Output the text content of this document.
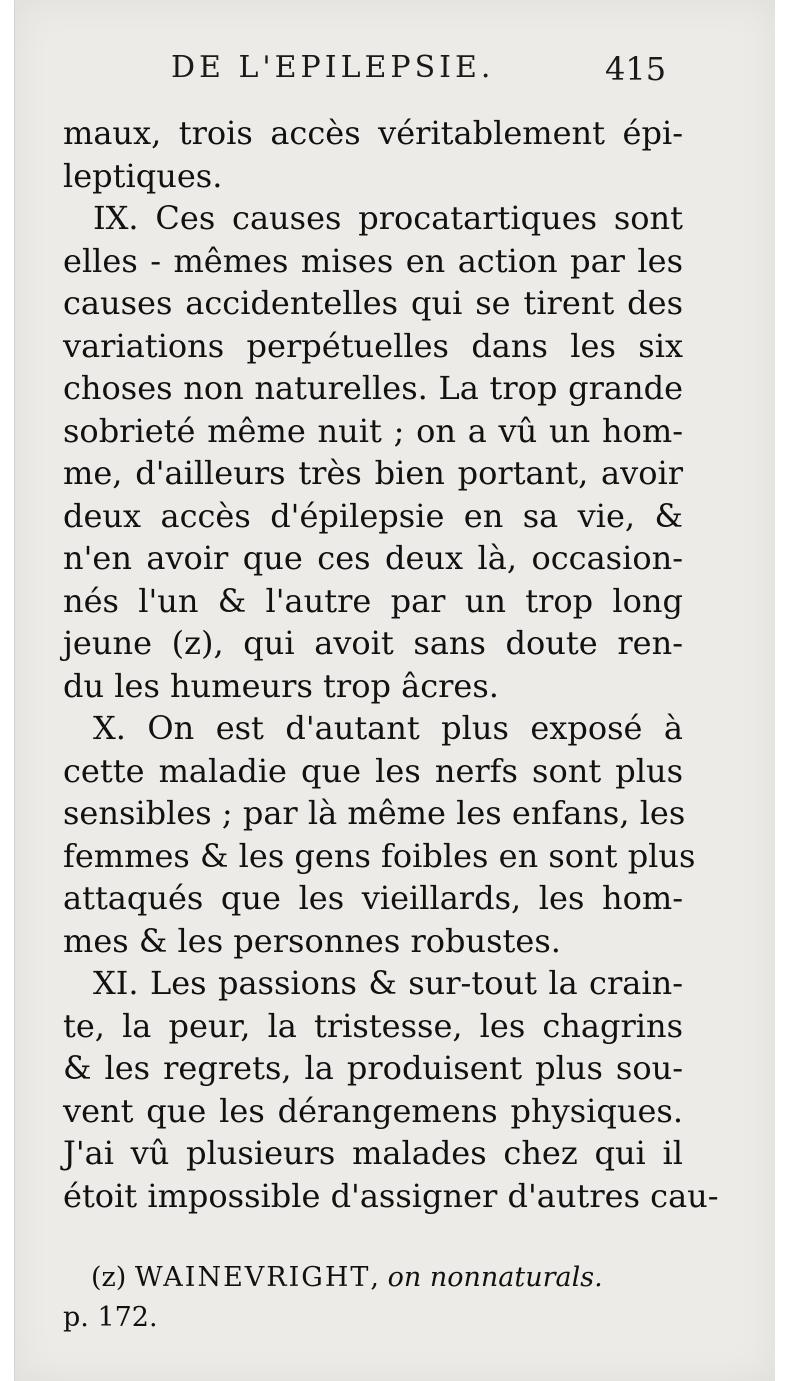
DE L'EPILEPSIE.	415
maux, trois accès véritablement épi-
leptiques.
IX. Ces causes procatartiques sont
elles - mêmes mises en action par les
causes accidentelles qui se tirent des
variations perpétuelles dans les six
choses non naturelles. La trop grande
sobrieté même nuit ; on a vû un hom-
me, d'ailleurs très bien portant, avoir
deux accès d'épilepsie en sa vie, &
n'en avoir que ces deux là, occasion-
nés l'un & l'autre par un trop long
jeune (z), qui avoit sans doute ren-
du les humeurs trop âcres.
X. On est d'autant plus exposé à
cette maladie que les nerfs sont plus
sensibles ; par là même les enfans, les
femmes & les gens foibles en sont plus
attaqués que les vieillards, les hom-
mes & les personnes robustes.
XI. Les passions & sur-tout la crain-
te, la peur, la tristesse, les chagrins
& les regrets, la produisent plus sou-
vent que les dérangemens physiques.
J'ai vû plusieurs malades chez qui il
étoit impossible d'assigner d'autres cau-
(z) WAINEVRIGHT, on nonnaturals.
p. 172.
